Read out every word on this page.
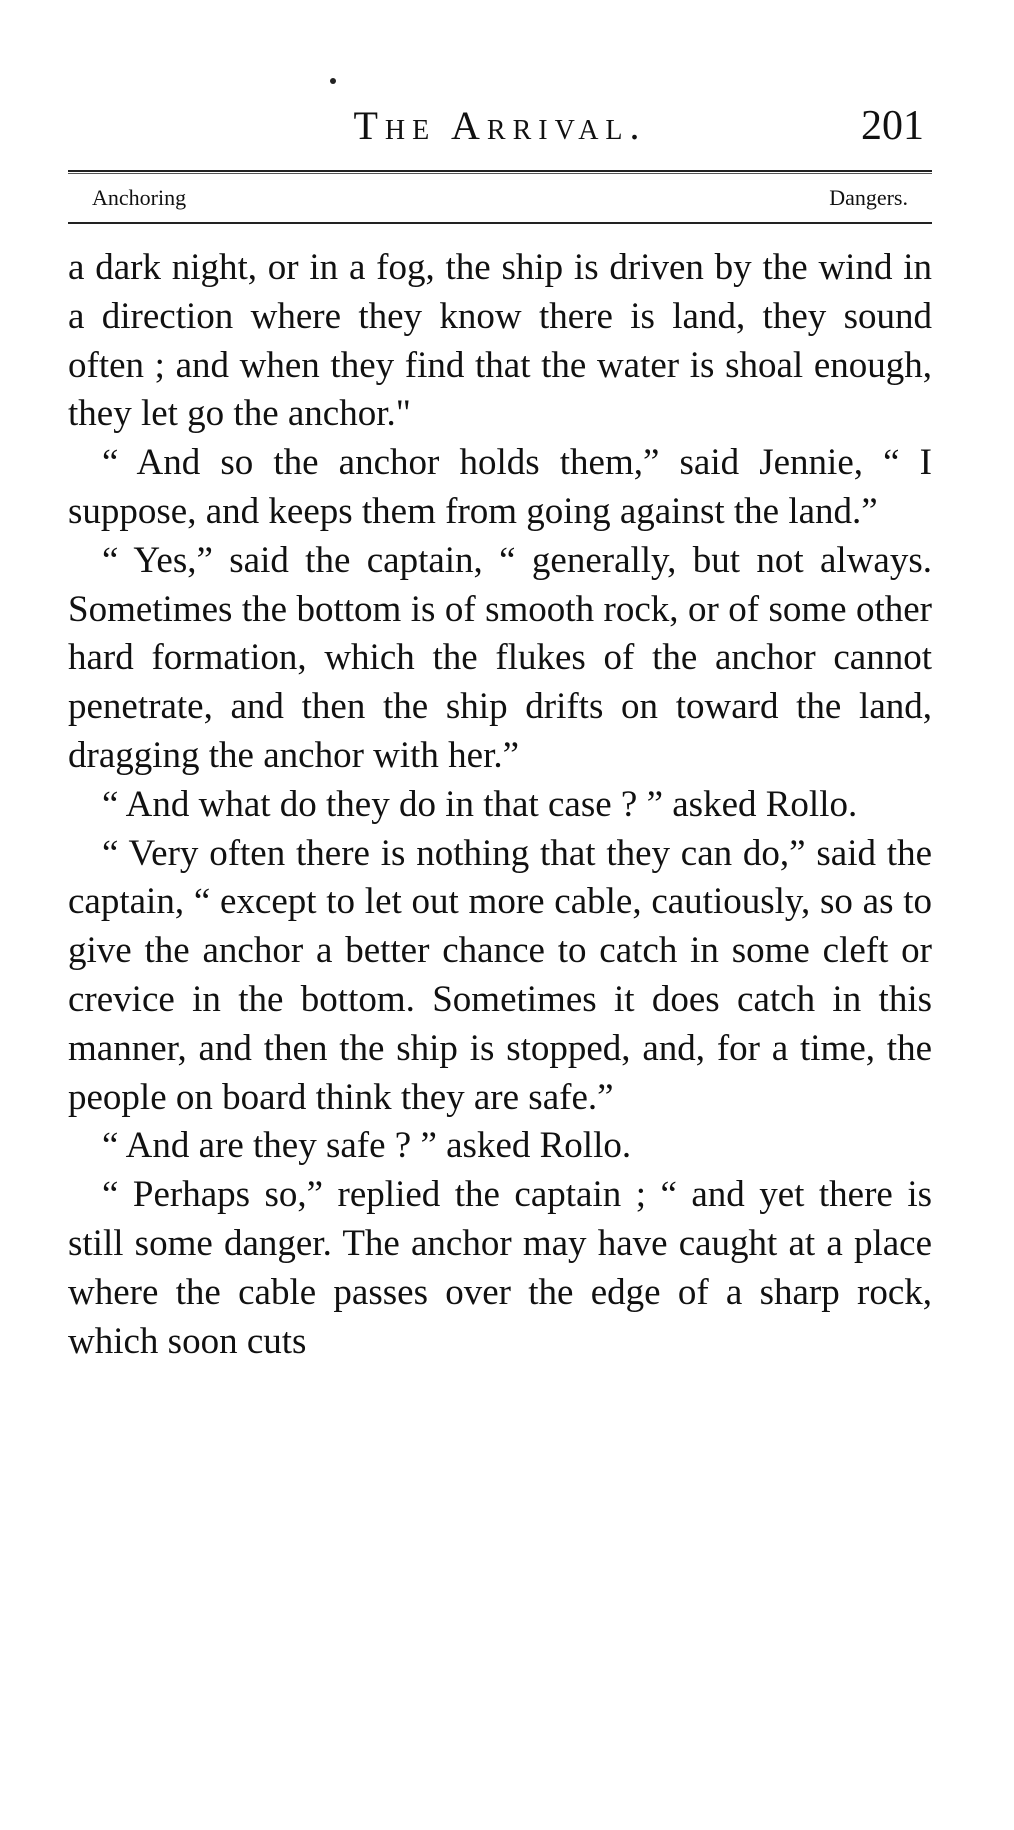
The Arrival.	201
Anchoring	Dangers.

a dark night, or in a fog, the ship is driven by the wind in a direction where they know there is land, they sound often ; and when they find that the water is shoal enough, they let go the anchor."

“ And so the anchor holds them,” said Jennie, “ I suppose, and keeps them from going against the land.”

“ Yes,” said the captain, “ generally, but not always. Sometimes the bottom is of smooth rock, or of some other hard formation, which the flukes of the anchor cannot penetrate, and then the ship drifts on toward the land, dragging the anchor with her.”

“ And what do they do in that case ? ” asked Rollo.

“ Very often there is nothing that they can do,” said the captain, “ except to let out more cable, cautiously, so as to give the anchor a better chance to catch in some cleft or crevice in the bottom. Sometimes it does catch in this manner, and then the ship is stopped, and, for a time, the people on board think they are safe.”

“ And are they safe ? ” asked Rollo.

“ Perhaps so,” replied the captain ; “ and yet there is still some danger. The anchor may have caught at a place where the cable passes over the edge of a sharp rock, which soon cuts
